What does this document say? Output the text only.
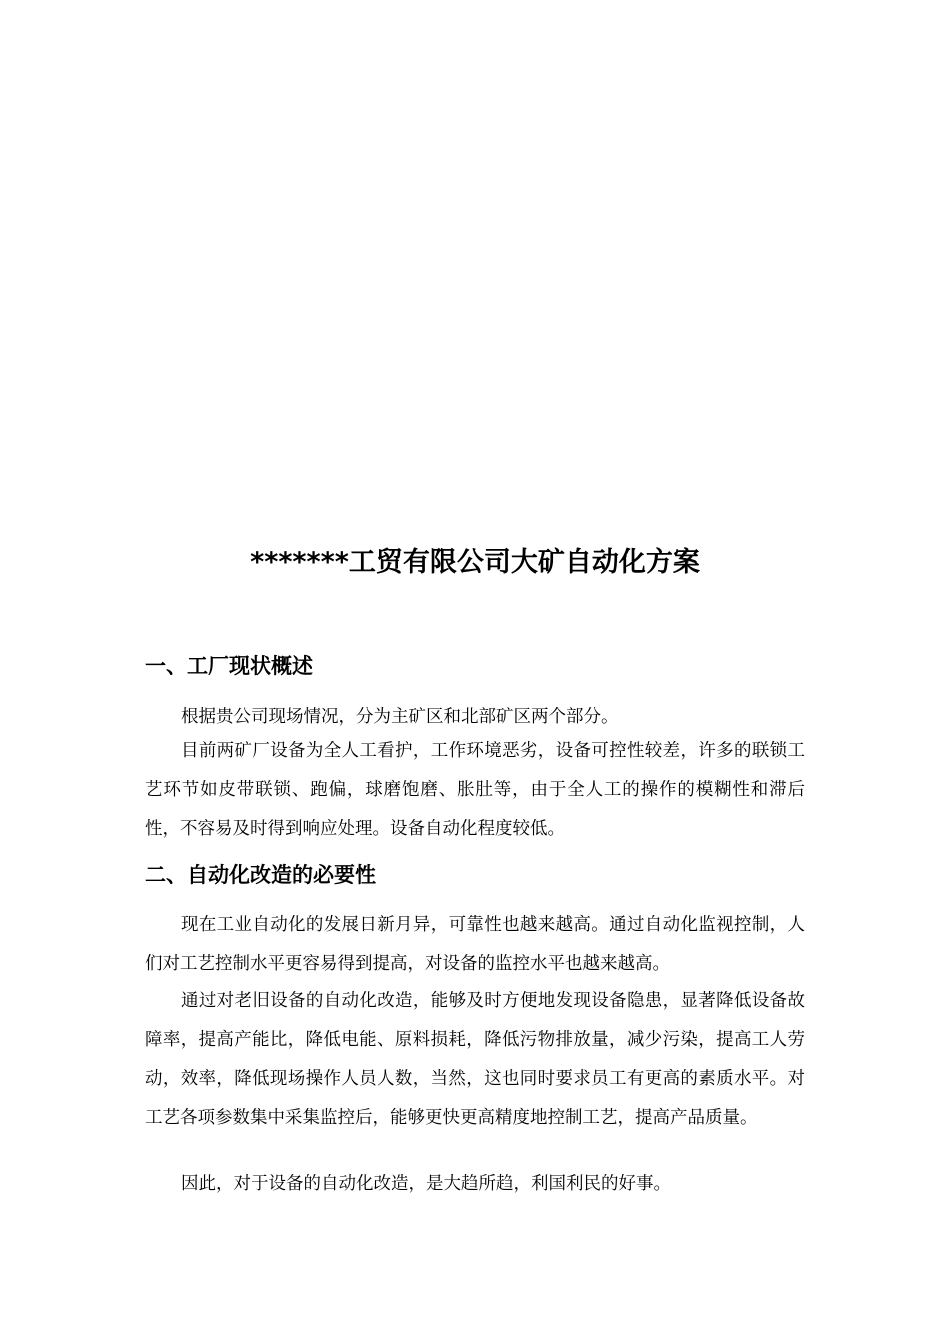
*******工贸有限公司大矿自动化方案
一、工厂现状概述

根据贵公司现场情况，分为主矿区和北部矿区两个部分。

目前两矿厂设备为全人工看护，工作环境恶劣，设备可控性较差，许多的联锁工艺环节如皮带联锁、跑偏，球磨饱磨、胀肚等，由于全人工的操作的模糊性和滞后性，不容易及时得到响应处理。设备自动化程度较低。

二、自动化改造的必要性

现在工业自动化的发展日新月异，可靠性也越来越高。通过自动化监视控制，人们对工艺控制水平更容易得到提高，对设备的监控水平也越来越高。

通过对老旧设备的自动化改造，能够及时方便地发现设备隐患，显著降低设备故障率，提高产能比，降低电能、原料损耗，降低污物排放量，减少污染，提高工人劳动，效率，降低现场操作人员人数，当然，这也同时要求员工有更高的素质水平。对工艺各项参数集中采集监控后，能够更快更高精度地控制工艺，提高产品质量。

因此，对于设备的自动化改造，是大趋所趋，利国利民的好事。
